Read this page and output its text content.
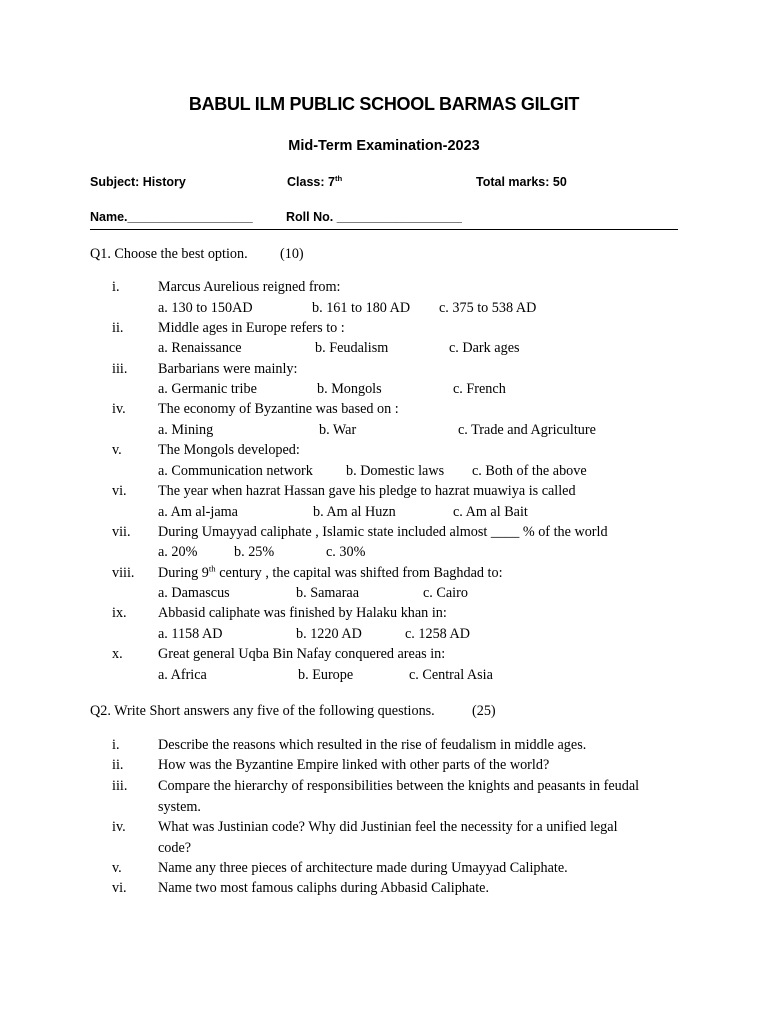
BABUL ILM PUBLIC SCHOOL BARMAS GILGIT
Mid-Term Examination-2023
Subject: History	Class: 7th	Total marks: 50
Name.__________________	Roll No. __________________
Q1. Choose the best option. (10)
i.	Marcus Aurelious reigned from:
a. 130 to 150AD	b. 161 to 180 AD c. 375 to 538 AD
ii. Middle ages in Europe refers to :
a. Renaissance	b. Feudalism	c. Dark ages
iii. Barbarians were mainly:
a. Germanic tribe	b. Mongols	c. French
iv. The economy of Byzantine was based on :
a. Mining	b. War	c. Trade and Agriculture
v.	The Mongols developed:
a. Communication network b. Domestic laws c. Both of the above
vi. The year when hazrat Hassan gave his pledge to hazrat muawiya is called
a. Am al-jama	b. Am al Huzn	c. Am al Bait
vii. During Umayyad caliphate , Islamic state included almost ____ % of the world
a. 20%	b. 25%	c. 30%
viii. During 9th century , the capital was shifted from Baghdad to:
a. Damascus	b. Samaraa	c. Cairo
ix. Abbasid caliphate was finished by Halaku khan in:
a. 1158 AD	b. 1220 AD	c. 1258 AD
x. Great general Uqba Bin Nafay conquered areas in:
a. Africa	b. Europe	c. Central Asia
Q2. Write Short answers any five of the following questions.	(25)
i.	Describe the reasons which resulted in the rise of feudalism in middle ages.
ii. How was the Byzantine Empire linked with other parts of the world?
iii. Compare the hierarchy of responsibilities between the knights and peasants in feudal
system.
iv. What was Justinian code? Why did Justinian feel the necessity for a unified legal
code?
v.	Name any three pieces of architecture made during Umayyad Caliphate.
vi. Name two most famous caliphs during Abbasid Caliphate.
